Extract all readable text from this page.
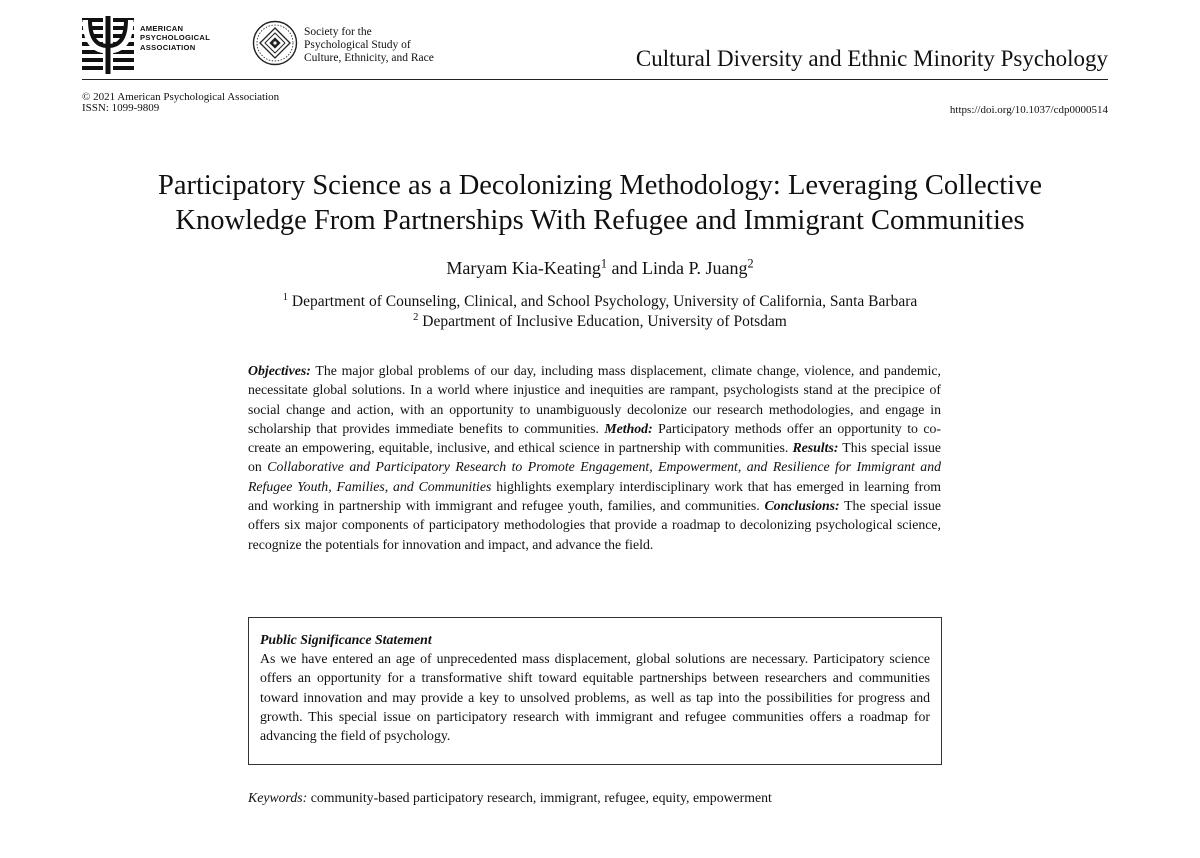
AMERICAN
PSYCHOLOGICAL
ASSOCIATION
Society for the
Psychological Study of
Culture, Ethnicity, and Race	Cultural Diversity and Ethnic Minority Psychology
© 2021 American Psychological Association
ISSN: 1099-9809	https://doi.org/10.1037/cdp0000514
Participatory Science as a Decolonizing Methodology: Leveraging Collective
Knowledge From Partnerships With Refugee and Immigrant Communities
Maryam Kia-Keating$^1$ and Linda P. Juang$^2$
$^1$ Department of Counseling, Clinical, and School Psychology, University of California, Santa Barbara
$^2$ Department of Inclusive Education, University of Potsdam
Objectives: The major global problems of our day, including mass displacement, climate change, violence, and pandemic, necessitate global solutions. In a world where injustice and inequities are rampant, psychologists stand at the precipice of social change and action, with an opportunity to unambiguously decolonize our research methodologies, and engage in scholarship that provides immediate benefits to communities. Method: Participatory methods offer an opportunity to co-create an empowering, equitable, inclusive, and ethical science in partnership with communities. Results: This special issue on Collaborative and Participatory Research to Promote Engagement, Empowerment, and Resilience for Immigrant and Refugee Youth, Families, and Communities highlights exemplary interdisciplinary work that has emerged in learning from and working in partnership with immigrant and refugee youth, families, and communities. Conclusions: The special issue offers six major components of participatory methodologies that provide a roadmap to decolonizing psychological science, recognize the potentials for innovation and impact, and advance the field.
Public Significance Statement
As we have entered an age of unprecedented mass displacement, global solutions are necessary. Participatory science offers an opportunity for a transformative shift toward equitable partnerships between researchers and communities toward innovation and may provide a key to unsolved problems, as well as tap into the possibilities for progress and growth. This special issue on participatory research with immigrant and refugee communities offers a roadmap for advancing the field of psychology.
Keywords: community-based participatory research, immigrant, refugee, equity, empowerment
